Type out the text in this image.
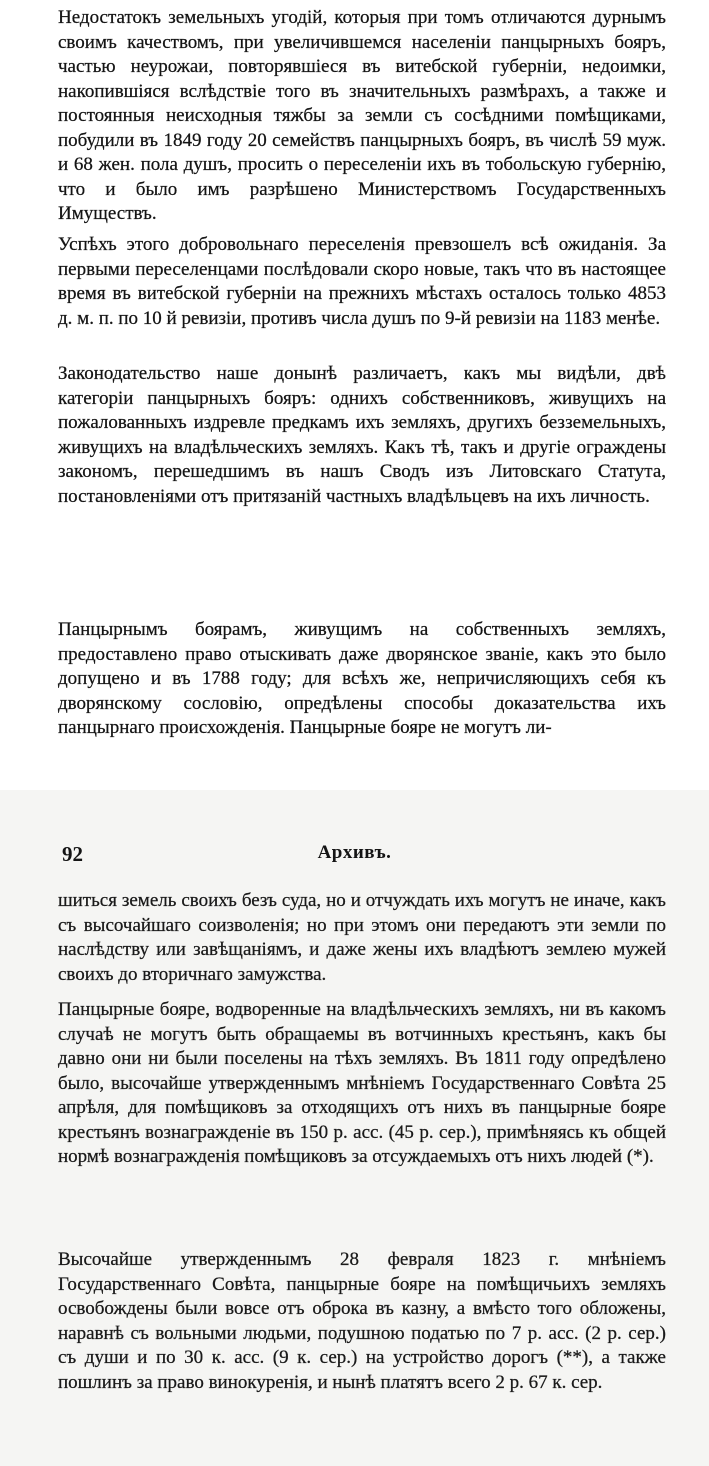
Недостатокъ земельныхъ угодій, которыя при томъ отличаются дурнымъ своимъ качествомъ, при увеличившемся населеніи панцырныхъ бояръ, частью неурожаи, повторявшіеся въ витебской губерніи, недоимки, накопившіяся вслѣдствіе того въ значительныхъ размѣрахъ, а также и постоянныя неисходныя тяжбы за земли съ сосѣдними помѣщиками, побудили въ 1849 году 20 семействъ панцырныхъ бояръ, въ числѣ 59 муж. и 68 жен. пола душъ, просить о переселеніи ихъ въ тобольскую губернію, что и было имъ разрѣшено Министерствомъ Государственныхъ Имуществъ.

Успѣхъ этого добровольнаго переселенія превзошелъ всѣ ожиданія. За первыми переселенцами послѣдовали скоро новые, такъ что въ настоящее время въ витебской губерніи на прежнихъ мѣстахъ осталось только 4853 д. м. п. по 10 й ревизіи, противъ числа душъ по 9-й ревизіи на 1183 менѣе.

Законодательство наше донынѣ различаетъ, какъ мы видѣли, двѣ категоріи панцырныхъ бояръ: однихъ собственниковъ, живущихъ на пожалованныхъ издревле предкамъ ихъ земляхъ, другихъ безземельныхъ, живущихъ на владѣльческихъ земляхъ. Какъ тѣ, такъ и другіе ограждены закономъ, перешедшимъ въ нашъ Сводъ изъ Литовскаго Статута, постановленіями отъ притязаній частныхъ владѣльцевъ на ихъ личность.

Панцырнымъ боярамъ, живущимъ на собственныхъ земляхъ, предоставлено право отыскивать даже дворянское званіе, какъ это было допущено и въ 1788 году; для всѣхъ же, непричисляющихъ себя къ дворянскому сословію, опредѣлены способы доказательства ихъ панцырнаго происхожденія. Панцырные бояре не могутъ ли-

92	Архивъ.

шиться земель своихъ безъ суда, но и отчуждать ихъ могутъ не иначе, какъ съ высочайшаго соизволенія; но при этомъ они передаютъ эти земли по наслѣдству или завѣщаніямъ, и даже жены ихъ владѣютъ землею мужей своихъ до вторичнаго замужства.

Панцырные бояре, водворенные на владѣльческихъ земляхъ, ни въ какомъ случаѣ не могутъ быть обращаемы въ вотчинныхъ крестьянъ, какъ бы давно они ни были поселены на тѣхъ земляхъ. Въ 1811 году опредѣлено было, высочайше утвержденнымъ мнѣніемъ Государственнаго Совѣта 25 апрѣля, для помѣщиковъ за отходящихъ отъ нихъ въ панцырные бояре крестьянъ вознагражденіе въ 150 р. асс. (45 р. сер.), примѣняясь къ общей нормѣ вознагражденія помѣщиковъ за отсуждаемыхъ отъ нихъ людей (*).

Высочайше утвержденнымъ 28 февраля 1823 г. мнѣніемъ Государственнаго Совѣта, панцырные бояре на помѣщичьихъ земляхъ освобождены были вовсе отъ оброка въ казну, а вмѣсто того обложены, наравнѣ съ вольными людьми, подушною податью по 7 р. асс. (2 р. сер.) съ души и по 30 к. асс. (9 к. сер.) на устройство дорогъ (**), а также пошлинъ за право винокуренія, и нынѣ платятъ всего 2 р. 67 к. сер.
